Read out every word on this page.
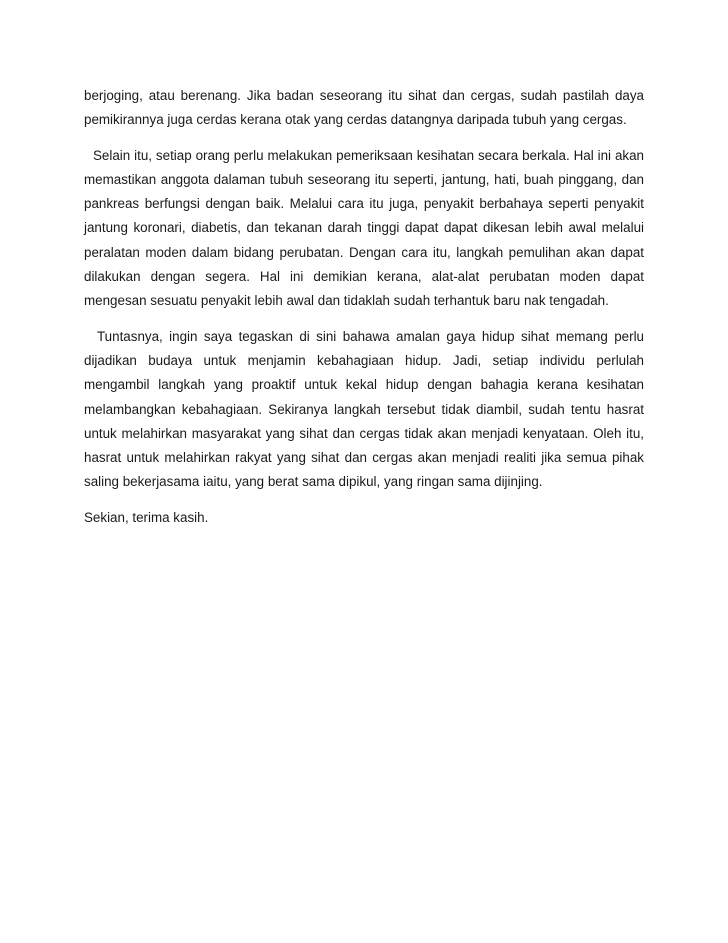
berjoging, atau berenang. Jika badan seseorang itu sihat dan cergas, sudah pastilah daya pemikirannya juga cerdas kerana otak yang cerdas datangnya daripada tubuh yang cergas.

Selain itu, setiap orang perlu melakukan pemeriksaan kesihatan secara berkala. Hal ini akan memastikan anggota dalaman tubuh seseorang itu seperti, jantung, hati, buah pinggang, dan pankreas berfungsi dengan baik. Melalui cara itu juga, penyakit berbahaya seperti penyakit jantung koronari, diabetis, dan tekanan darah tinggi dapat dapat dikesan lebih awal melalui peralatan moden dalam bidang perubatan. Dengan cara itu, langkah pemulihan akan dapat dilakukan dengan segera. Hal ini demikian kerana, alat-alat perubatan moden dapat mengesan sesuatu penyakit lebih awal dan tidaklah sudah terhantuk baru nak tengadah.

Tuntasnya, ingin saya tegaskan di sini bahawa amalan gaya hidup sihat memang perlu dijadikan budaya untuk menjamin kebahagiaan hidup. Jadi, setiap individu perlulah mengambil langkah yang proaktif untuk kekal hidup dengan bahagia kerana kesihatan melambangkan kebahagiaan. Sekiranya langkah tersebut tidak diambil, sudah tentu hasrat untuk melahirkan masyarakat yang sihat dan cergas tidak akan menjadi kenyataan. Oleh itu, hasrat untuk melahirkan rakyat yang sihat dan cergas akan menjadi realiti jika semua pihak saling bekerjasama iaitu, yang berat sama dipikul, yang ringan sama dijinjing.

Sekian, terima kasih.
